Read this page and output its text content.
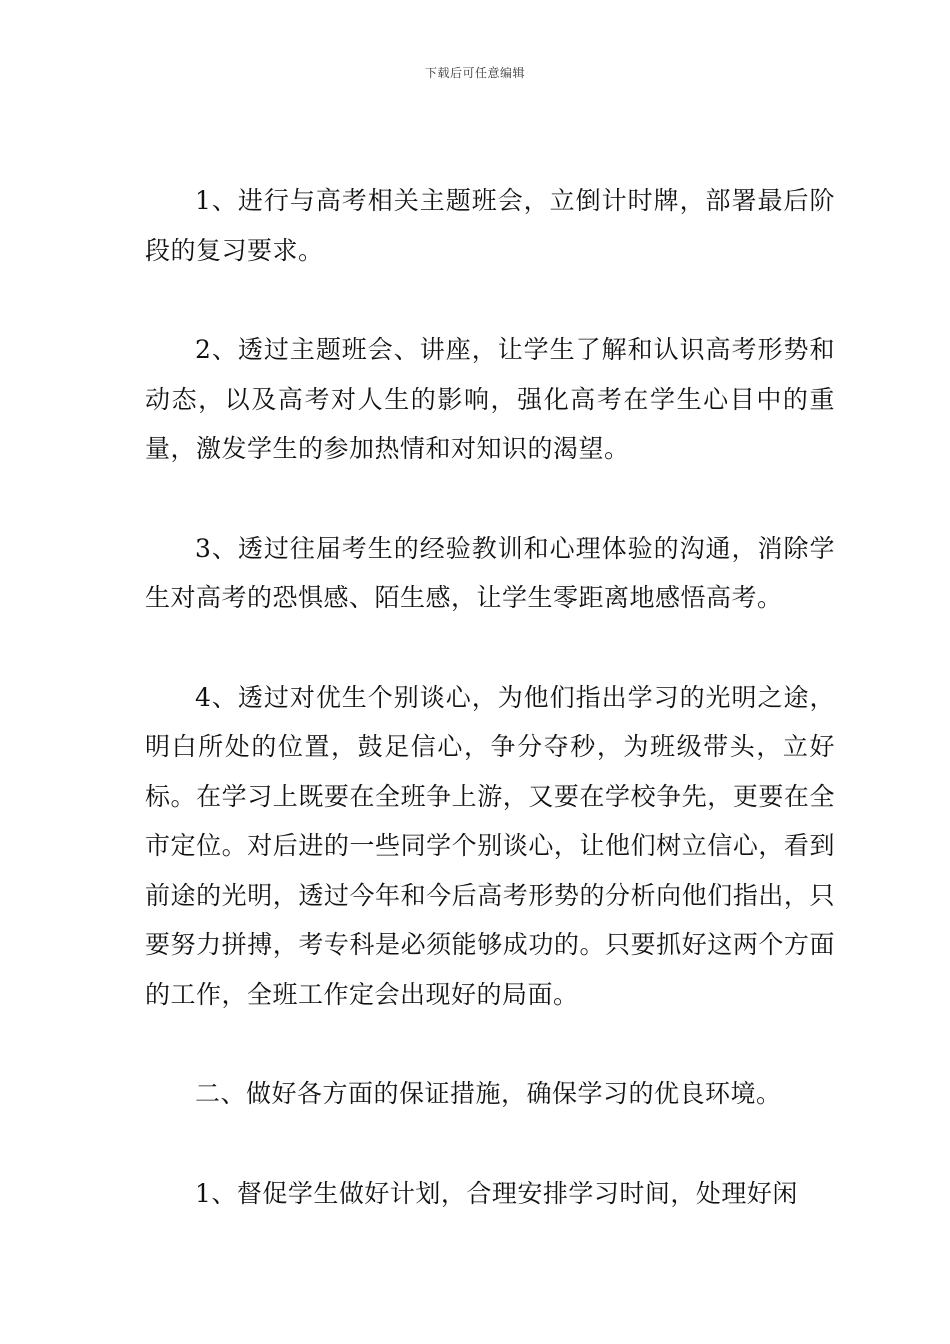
下载后可任意编辑

1、进行与高考相关主题班会，立倒计时牌，部署最后阶段的复习要求。

2、透过主题班会、讲座，让学生了解和认识高考形势和动态，以及高考对人生的影响，强化高考在学生心目中的重量，激发学生的参加热情和对知识的渴望。

3、透过往届考生的经验教训和心理体验的沟通，消除学生对高考的恐惧感、陌生感，让学生零距离地感悟高考。

4、透过对优生个别谈心，为他们指出学习的光明之途，明白所处的位置，鼓足信心，争分夺秒，为班级带头，立好标。在学习上既要在全班争上游，又要在学校争先，更要在全市定位。对后进的一些同学个别谈心，让他们树立信心，看到前途的光明，透过今年和今后高考形势的分析向他们指出，只要努力拼搏，考专科是必须能够成功的。只要抓好这两个方面的工作，全班工作定会出现好的局面。

二、做好各方面的保证措施，确保学习的优良环境。

1、督促学生做好计划，合理安排学习时间，处理好闲
